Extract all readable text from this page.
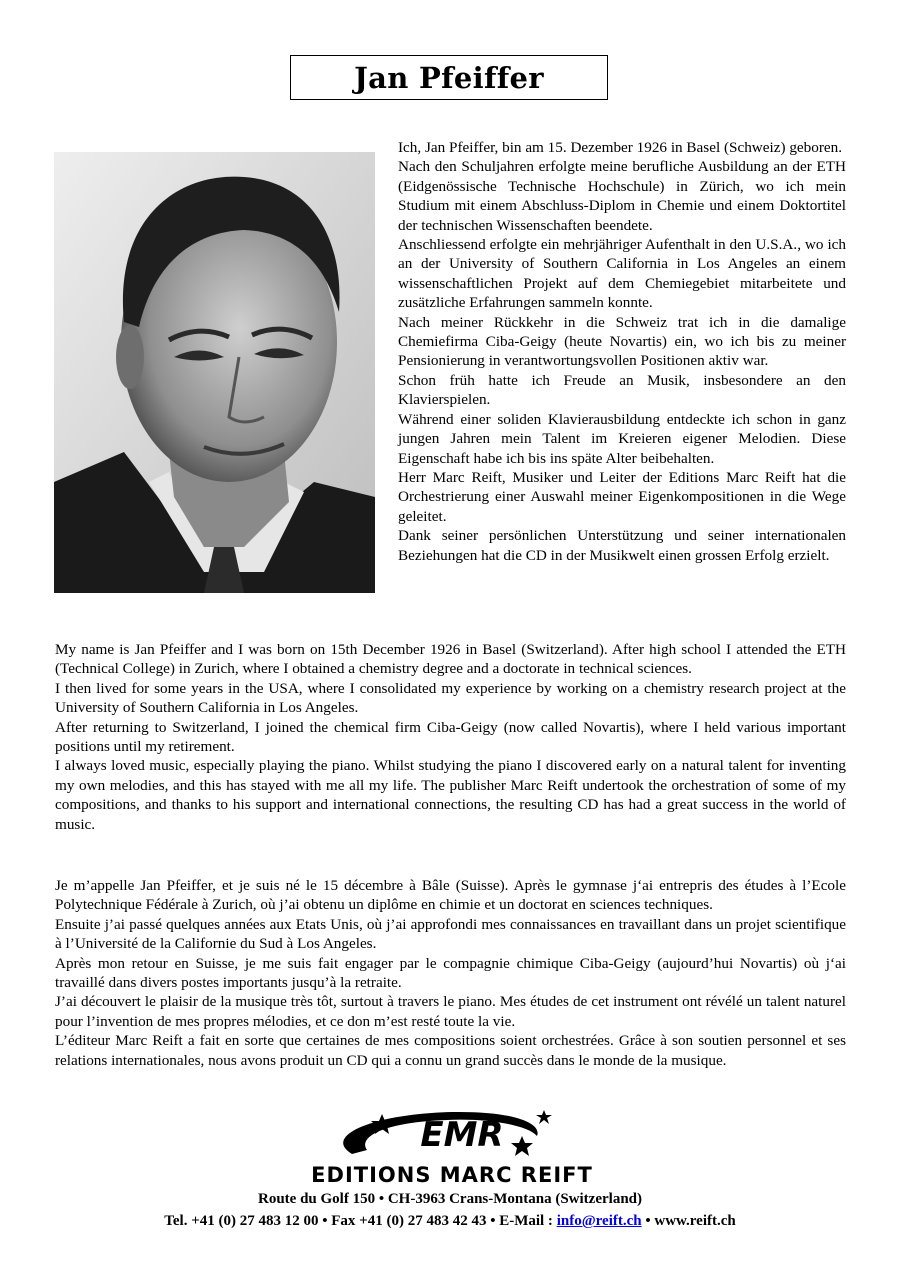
Jan Pfeiffer

Ich, Jan Pfeiffer, bin am 15. Dezember 1926 in Basel (Schweiz) geboren.

Nach den Schuljahren erfolgte meine berufliche Ausbildung an der ETH (Eidgenössische Technische Hochschule) in Zürich, wo ich mein Studium mit einem Abschluss-Diplom in Chemie und einem Doktortitel der technischen Wissenschaften beendete.

Anschliessend erfolgte ein mehrjähriger Aufenthalt in den U.S.A., wo ich an der University of Southern California in Los Angeles an einem wissenschaftlichen Projekt auf dem Chemiegebiet mitarbeitete und zusätzliche Erfahrungen sammeln konnte.

Nach meiner Rückkehr in die Schweiz trat ich in die damalige Chemiefirma Ciba-Geigy (heute Novartis) ein, wo ich bis zu meiner Pensionierung in verantwortungsvollen Positionen aktiv war.

Schon früh hatte ich Freude an Musik, insbesondere an den Klavierspielen.

Während einer soliden Klavierausbildung entdeckte ich schon in ganz jungen Jahren mein Talent im Kreieren eigener Melodien. Diese Eigenschaft habe ich bis ins späte Alter beibehalten.

Herr Marc Reift, Musiker und Leiter der Editions Marc Reift hat die Orchestrierung einer Auswahl meiner Eigenkompositionen in die Wege geleitet.

Dank seiner persönlichen Unterstützung und seiner internationalen Beziehungen hat die CD in der Musikwelt einen grossen Erfolg erzielt.

My name is Jan Pfeiffer and I was born on 15th December 1926 in Basel (Switzerland). After high school I attended the ETH (Technical College) in Zurich, where I obtained a chemistry degree and a doctorate in technical sciences.

I then lived for some years in the USA, where I consolidated my experience by working on a chemistry research project at the University of Southern California in Los Angeles.

After returning to Switzerland, I joined the chemical firm Ciba-Geigy (now called Novartis), where I held various important positions until my retirement.

I always loved music, especially playing the piano. Whilst studying the piano I discovered early on a natural talent for inventing my own melodies, and this has stayed with me all my life. The publisher Marc Reift undertook the orchestration of some of my compositions, and thanks to his support and international connections, the resulting CD has had a great success in the world of music.

Je m’appelle Jan Pfeiffer, et je suis né le 15 décembre à Bâle (Suisse). Après le gymnase j‘ai entrepris des études à l’Ecole Polytechnique Fédérale à Zurich, où j’ai obtenu un diplôme en chimie et un doctorat en sciences techniques.

Ensuite j’ai passé quelques années aux Etats Unis, où j’ai approfondi mes connaissances en travaillant dans un projet scientifique à l’Université de la Californie du Sud à Los Angeles.

Après mon retour en Suisse, je me suis fait engager par le compagnie chimique Ciba-Geigy (aujourd’hui Novartis) où j‘ai travaillé dans divers postes importants jusqu’à la retraite.

J’ai découvert le plaisir de la musique très tôt, surtout à travers le piano. Mes études de cet instrument ont révélé un talent naturel pour l’invention de mes propres mélodies, et ce don m’est resté toute la vie.

L’éditeur Marc Reift a fait en sorte que certaines de mes compositions soient orchestrées. Grâce à son soutien personnel et ses relations internationales, nous avons produit un CD qui a connu un grand succès dans le monde de la musique.

EMR
EDITIONS MARC REIFT
Route du Golf 150 • CH-3963 Crans-Montana (Switzerland)
Tel. +41 (0) 27 483 12 00 • Fax +41 (0) 27 483 42 43 • E-Mail : info@reift.ch • www.reift.ch
